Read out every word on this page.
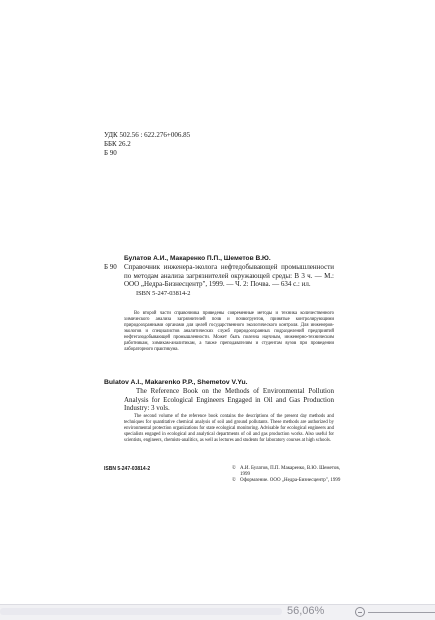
УДК 502.56 : 622.276+006.85
ББК 26.2
Б 90
Булатов А.И., Макаренко П.П., Шеметов В.Ю.
Б 90	Справочник инженера-эколога нефтедобывающей промышленности по методам анализа загрязнителей окружающей среды: В 3 ч. — М.: ООО „Недра-Бизнесцентр", 1999. — Ч. 2: Почва. — 634 с.: ил.
ISBN 5-247-03814-2
Во второй части справочника приведены современные методы и техника количественного химического анализа загрязнителей почв и почвогрунтов, принятые контролирующими природоохранными органами для целей государственного экологического контроля. Для инженеров-экологов и специалистов аналитических служб природоохранных подразделений предприятий нефтегазодобывающей промышленности. Может быть полезна научным, инженерно-техническим работникам, химикам-аналитикам, а также преподавателям и студентам вузов при проведении лабораторного практикума.
Bulatov A.I., Makarenko P.P., Shemetov V.Yu.
The Reference Book on the Methods of Environmental Pollution Analysis for Ecological Engineers Engaged in Oil and Gas Production Industry: 3 vols.
The second volume of the reference book contains the descriptions of the present day methods and techniques for quantitative chemical analysis of soil and ground pollutants. These methods are authorized by environmental protection organizations for state ecological monitoring. Advisable for ecological engineers and specialists engaged in ecological and analytical departments of oil and gas production works. Also useful for scientists, engineers, chemists-analitics, as well as lectures and students for laboratory courses at high schools.
ISBN 5-247-03814-2	© А.И. Булатов, П.П. Макаренко, В.Ю. Шеметов, 1999
© Оформление. ООО „Недра-Бизнесцентр", 1999
56,06%
